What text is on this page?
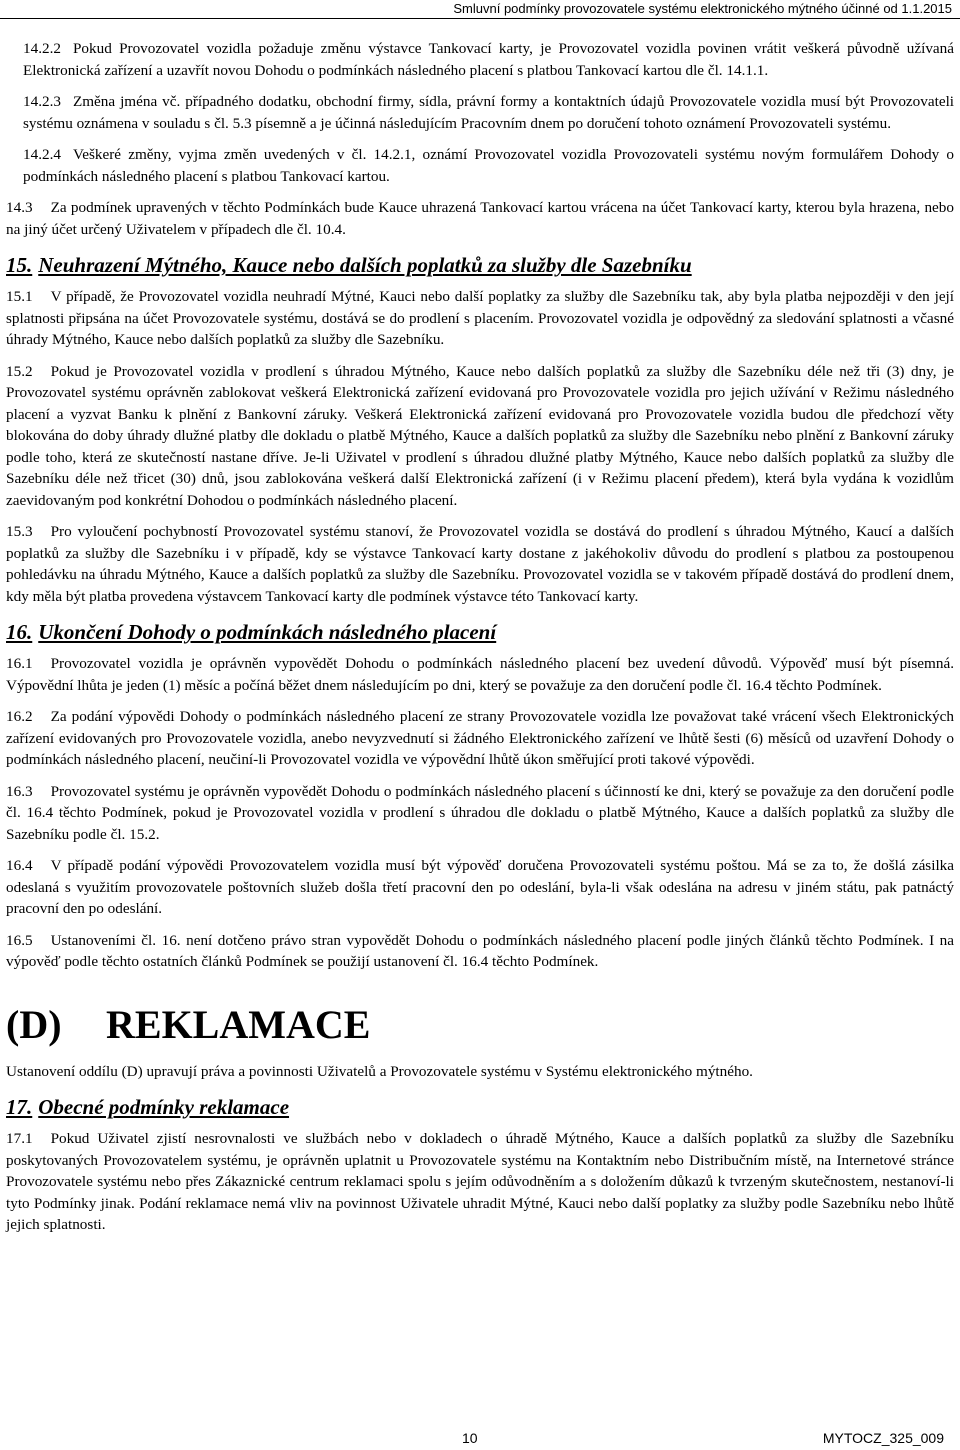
Smluvní podmínky provozovatele systému elektronického mýtného účinné od 1.1.2015

14.2.2 Pokud Provozovatel vozidla požaduje změnu výstavce Tankovací karty, je Provozovatel vozidla povinen vrátit veškerá původně užívaná Elektronická zařízení a uzavřít novou Dohodu o podmínkách následného placení s platbou Tankovací kartou dle čl. 14.1.1.

14.2.3 Změna jména vč. případného dodatku, obchodní firmy, sídla, právní formy a kontaktních údajů Provozovatele vozidla musí být Provozovateli systému oznámena v souladu s čl. 5.3 písemně a je účinná následujícím Pracovním dnem po doručení tohoto oznámení Provozovateli systému.

14.2.4 Veškeré změny, vyjma změn uvedených v čl. 14.2.1, oznámí Provozovatel vozidla Provozovateli systému novým formulářem Dohody o podmínkách následného placení s platbou Tankovací kartou.

14.3 Za podmínek upravených v těchto Podmínkách bude Kauce uhrazená Tankovací kartou vrácena na účet Tankovací karty, kterou byla hrazena, nebo na jiný účet určený Uživatelem v případech dle čl. 10.4.

15. Neuhrazení Mýtného, Kauce nebo dalších poplatků za služby dle Sazebníku

15.1 V případě, že Provozovatel vozidla neuhradí Mýtné, Kauci nebo další poplatky za služby dle Sazebníku tak, aby byla platba nejpozději v den její splatnosti připsána na účet Provozovatele systému, dostává se do prodlení s placením. Provozovatel vozidla je odpovědný za sledování splatnosti a včasné úhrady Mýtného, Kauce nebo dalších poplatků za služby dle Sazebníku.

15.2 Pokud je Provozovatel vozidla v prodlení s úhradou Mýtného, Kauce nebo dalších poplatků za služby dle Sazebníku déle než tři (3) dny, je Provozovatel systému oprávněn zablokovat veškerá Elektronická zařízení evidovaná pro Provozovatele vozidla pro jejich užívání v Režimu následného placení a vyzvat Banku k plnění z Bankovní záruky. Veškerá Elektronická zařízení evidovaná pro Provozovatele vozidla budou dle předchozí věty blokována do doby úhrady dlužné platby dle dokladu o platbě Mýtného, Kauce a dalších poplatků za služby dle Sazebníku nebo plnění z Bankovní záruky podle toho, která ze skutečností nastane dříve. Je-li Uživatel v prodlení s úhradou dlužné platby Mýtného, Kauce nebo dalších poplatků za služby dle Sazebníku déle než třicet (30) dnů, jsou zablokována veškerá další Elektronická zařízení (i v Režimu placení předem), která byla vydána k vozidlům zaevidovaným pod konkrétní Dohodou o podmínkách následného placení.

15.3 Pro vyloučení pochybností Provozovatel systému stanoví, že Provozovatel vozidla se dostává do prodlení s úhradou Mýtného, Kaucí a dalších poplatků za služby dle Sazebníku i v případě, kdy se výstavce Tankovací karty dostane z jakéhokoliv důvodu do prodlení s platbou za postoupenou pohledávku na úhradu Mýtného, Kauce a dalších poplatků za služby dle Sazebníku. Provozovatel vozidla se v takovém případě dostává do prodlení dnem, kdy měla být platba provedena výstavcem Tankovací karty dle podmínek výstavce této Tankovací karty.

16. Ukončení Dohody o podmínkách následného placení

16.1 Provozovatel vozidla je oprávněn vypovědět Dohodu o podmínkách následného placení bez uvedení důvodů. Výpověď musí být písemná. Výpovědní lhůta je jeden (1) měsíc a počíná běžet dnem následujícím po dni, který se považuje za den doručení podle čl. 16.4 těchto Podmínek.

16.2 Za podání výpovědi Dohody o podmínkách následného placení ze strany Provozovatele vozidla lze považovat také vrácení všech Elektronických zařízení evidovaných pro Provozovatele vozidla, anebo nevyzvednutí si žádného Elektronického zařízení ve lhůtě šesti (6) měsíců od uzavření Dohody o podmínkách následného placení, neučiní-li Provozovatel vozidla ve výpovědní lhůtě úkon směřující proti takové výpovědi.

16.3 Provozovatel systému je oprávněn vypovědět Dohodu o podmínkách následného placení s účinností ke dni, který se považuje za den doručení podle čl. 16.4 těchto Podmínek, pokud je Provozovatel vozidla v prodlení s úhradou dle dokladu o platbě Mýtného, Kauce a dalších poplatků za služby dle Sazebníku podle čl. 15.2.

16.4 V případě podání výpovědi Provozovatelem vozidla musí být výpověď doručena Provozovateli systému poštou. Má se za to, že došlá zásilka odeslaná s využitím provozovatele poštovních služeb došla třetí pracovní den po odeslání, byla-li však odeslána na adresu v jiném státu, pak patnáctý pracovní den po odeslání.

16.5 Ustanoveními čl. 16. není dotčeno právo stran vypovědět Dohodu o podmínkách následného placení podle jiných článků těchto Podmínek. I na výpověď podle těchto ostatních článků Podmínek se použijí ustanovení čl. 16.4 těchto Podmínek.

(D) REKLAMACE

Ustanovení oddílu (D) upravují práva a povinnosti Uživatelů a Provozovatele systému v Systému elektronického mýtného.

17. Obecné podmínky reklamace

17.1 Pokud Uživatel zjistí nesrovnalosti ve službách nebo v dokladech o úhradě Mýtného, Kauce a dalších poplatků za služby dle Sazebníku poskytovaných Provozovatelem systému, je oprávněn uplatnit u Provozovatele systému na Kontaktním nebo Distribučním místě, na Internetové stránce Provozovatele systému nebo přes Zákaznické centrum reklamaci spolu s jejím odůvodněním a s doložením důkazů k tvrzeným skutečnostem, nestanoví-li tyto Podmínky jinak. Podání reklamace nemá vliv na povinnost Uživatele uhradit Mýtné, Kauci nebo další poplatky za služby podle Sazebníku nebo lhůtě jejich splatnosti.

10	MYTOCZ_325_009
